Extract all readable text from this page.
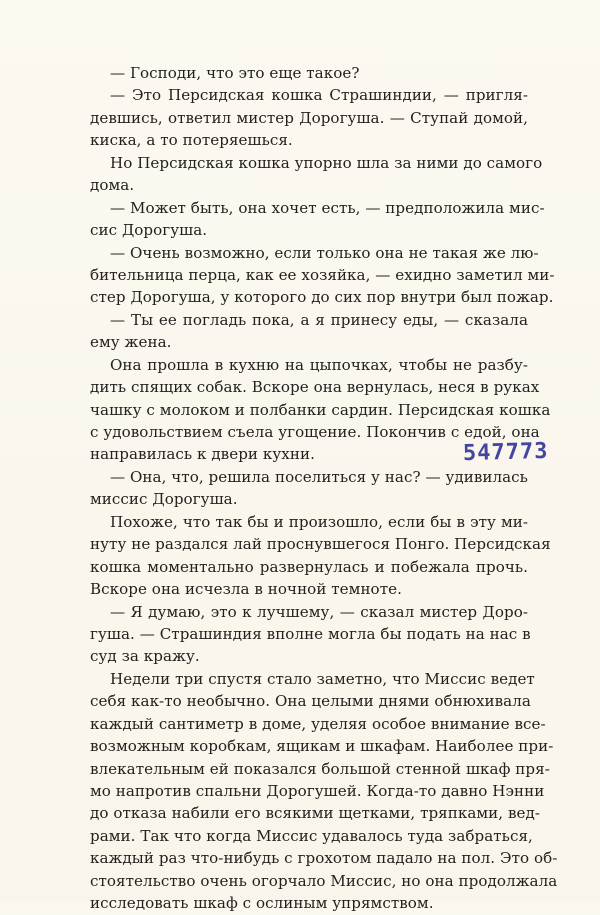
— Господи, что это еще такое?
— Это Персидская кошка Страшиндии, — пригля-
девшись, ответил мистер Дорогуша. — Ступай домой,
киска, а то потеряешься.
Но Персидская кошка упорно шла за ними до самого
дома.
— Может быть, она хочет есть, — предположила мис-
сис Дорогуша.
— Очень возможно, если только она не такая же лю-
бительница перца, как ее хозяйка, — ехидно заметил ми-
стер Дорогуша, у которого до сих пор внутри был пожар.
— Ты ее погладь пока, а я принесу еды, — сказала
ему жена.
Она прошла в кухню на цыпочках, чтобы не разбу-
дить спящих собак. Вскоре она вернулась, неся в руках
чашку с молоком и полбанки сардин. Персидская кошка
с удовольствием съела угощение. Покончив с едой, она
направилась к двери кухни.
— Она, что, решила поселиться у нас? — удивилась
миссис Дорогуша.
Похоже, что так бы и произошло, если бы в эту ми-
нуту не раздался лай проснувшегося Понго. Персидская
кошка моментально развернулась и побежала прочь.
Вскоре она исчезла в ночной темноте.
— Я думаю, это к лучшему, — сказал мистер Доро-
гуша. — Страшиндия вполне могла бы подать на нас в
суд за кражу.
Недели три спустя стало заметно, что Миссис ведет
себя как-то необычно. Она целыми днями обнюхивала
каждый сантиметр в доме, уделяя особое внимание все-
возможным коробкам, ящикам и шкафам. Наиболее при-
влекательным ей показался большой стенной шкаф пря-
мо напротив спальни Дорогушей. Когда-то давно Нэнни
до отказа набили его всякими щетками, тряпками, вед-
рами. Так что когда Миссис удавалось туда забраться,
каждый раз что-нибудь с грохотом падало на пол. Это об-
стоятельство очень огорчало Миссис, но она продолжала
исследовать шкаф с ослиным упрямством.
547773
